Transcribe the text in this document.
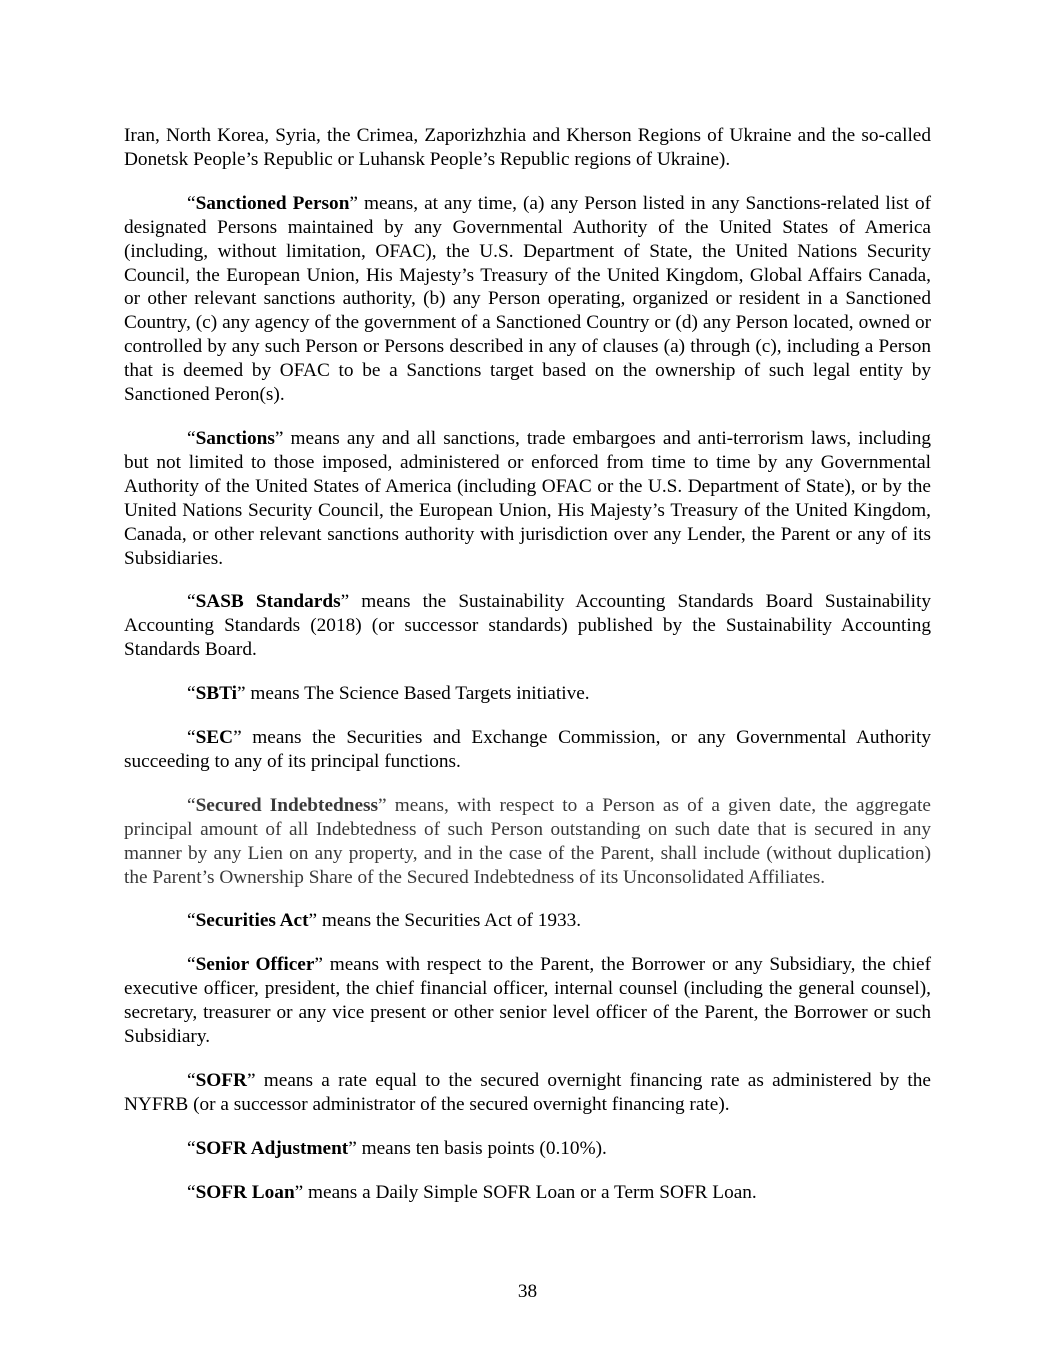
Iran, North Korea, Syria, the Crimea, Zaporizhzhia and Kherson Regions of Ukraine and the so-called Donetsk People’s Republic or Luhansk People’s Republic regions of Ukraine).

“Sanctioned Person” means, at any time, (a) any Person listed in any Sanctions-related list of designated Persons maintained by any Governmental Authority of the United States of America (including, without limitation, OFAC), the U.S. Department of State, the United Nations Security Council, the European Union, His Majesty’s Treasury of the United Kingdom, Global Affairs Canada, or other relevant sanctions authority, (b) any Person operating, organized or resident in a Sanctioned Country, (c) any agency of the government of a Sanctioned Country or (d) any Person located, owned or controlled by any such Person or Persons described in any of clauses (a) through (c), including a Person that is deemed by OFAC to be a Sanctions target based on the ownership of such legal entity by Sanctioned Peron(s).

“Sanctions” means any and all sanctions, trade embargoes and anti-terrorism laws, including but not limited to those imposed, administered or enforced from time to time by any Governmental Authority of the United States of America (including OFAC or the U.S. Department of State), or by the United Nations Security Council, the European Union, His Majesty’s Treasury of the United Kingdom, Canada, or other relevant sanctions authority with jurisdiction over any Lender, the Parent or any of its Subsidiaries.

“SASB Standards” means the Sustainability Accounting Standards Board Sustainability Accounting Standards (2018) (or successor standards) published by the Sustainability Accounting Standards Board.

“SBTi” means The Science Based Targets initiative.

“SEC” means the Securities and Exchange Commission, or any Governmental Authority succeeding to any of its principal functions.

“Secured Indebtedness” means, with respect to a Person as of a given date, the aggregate principal amount of all Indebtedness of such Person outstanding on such date that is secured in any manner by any Lien on any property, and in the case of the Parent, shall include (without duplication) the Parent’s Ownership Share of the Secured Indebtedness of its Unconsolidated Affiliates.

“Securities Act” means the Securities Act of 1933.

“Senior Officer” means with respect to the Parent, the Borrower or any Subsidiary, the chief executive officer, president, the chief financial officer, internal counsel (including the general counsel), secretary, treasurer or any vice present or other senior level officer of the Parent, the Borrower or such Subsidiary.

“SOFR” means a rate equal to the secured overnight financing rate as administered by the NYFRB (or a successor administrator of the secured overnight financing rate).

“SOFR Adjustment” means ten basis points (0.10%).

“SOFR Loan” means a Daily Simple SOFR Loan or a Term SOFR Loan.

38
